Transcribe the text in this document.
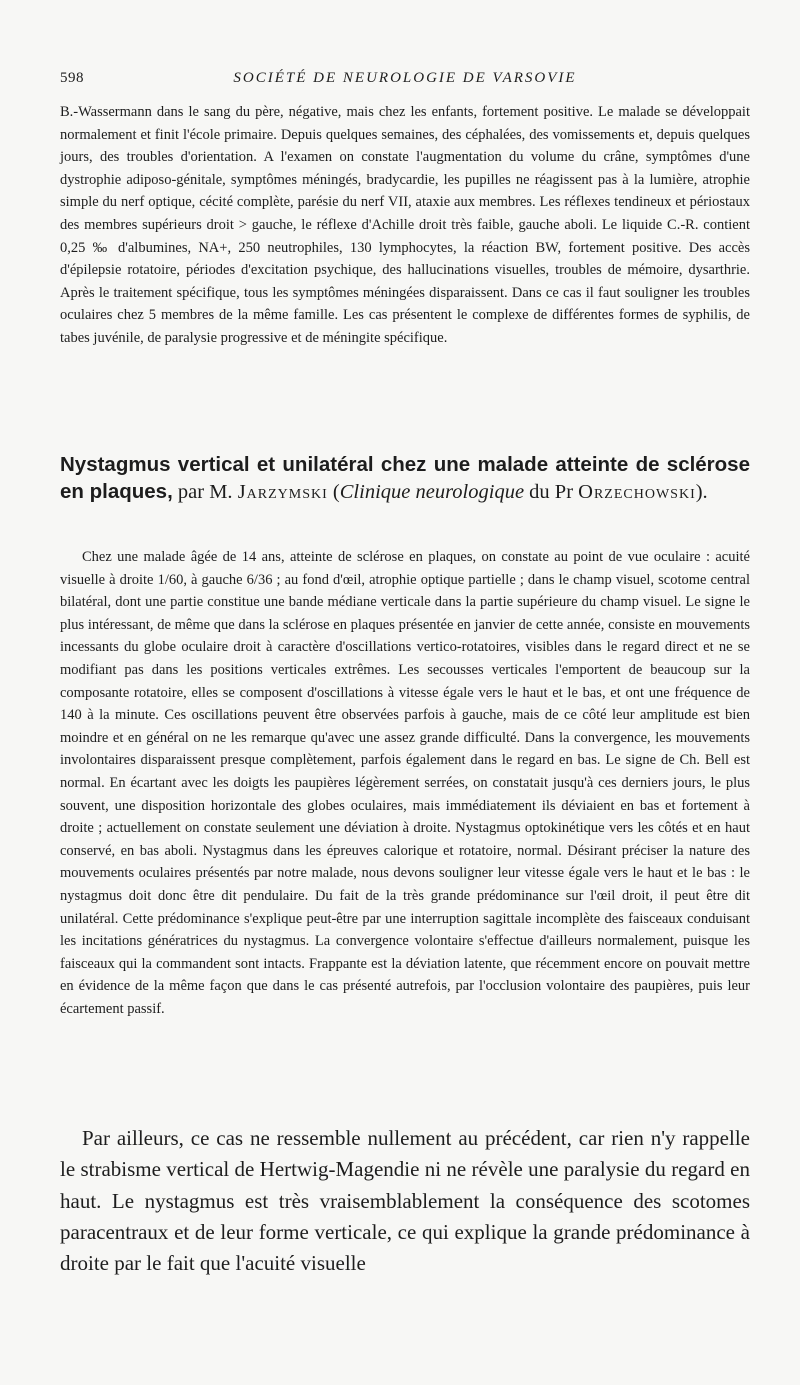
598	SOCIÉTÉ DE NEUROLOGIE DE VARSOVIE

B.-Wassermann dans le sang du père, négative, mais chez les enfants, fortement positive. Le malade se développait normalement et finit l'école primaire. Depuis quelques semaines, des céphalées, des vomissements et, depuis quelques jours, des troubles d'orientation. A l'examen on constate l'augmentation du volume du crâne, symptômes d'une dystrophie adiposo-génitale, symptômes méningés, bradycardie, les pupilles ne réagissent pas à la lumière, atrophie simple du nerf optique, cécité complète, parésie du nerf VII, ataxie aux membres. Les réflexes tendineux et périostaux des membres supérieurs droit > gauche, le réflexe d'Achille droit très faible, gauche aboli. Le liquide C.-R. contient 0,25 ‰ d'albumines, NA+, 250 neutrophiles, 130 lymphocytes, la réaction BW, fortement positive. Des accès d'épilepsie rotatoire, périodes d'excitation psychique, des hallucinations visuelles, troubles de mémoire, dysarthrie. Après le traitement spécifique, tous les symptômes méningées disparaissent. Dans ce cas il faut souligner les troubles oculaires chez 5 membres de la même famille. Les cas présentent le complexe de différentes formes de syphilis, de tabes juvénile, de paralysie progressive et de méningite spécifique.

Nystagmus vertical et unilatéral chez une malade atteinte de sclérose en plaques, par M. Jarzymski (Clinique neurologique du Pr Orzechowski).

Chez une malade âgée de 14 ans, atteinte de sclérose en plaques, on constate au point de vue oculaire : acuité visuelle à droite 1/60, à gauche 6/36 ; au fond d'œil, atrophie optique partielle ; dans le champ visuel, scotome central bilatéral, dont une partie constitue une bande médiane verticale dans la partie supérieure du champ visuel. Le signe le plus intéressant, de même que dans la sclérose en plaques présentée en janvier de cette année, consiste en mouvements incessants du globe oculaire droit à caractère d'oscillations vertico-rotatoires, visibles dans le regard direct et ne se modifiant pas dans les positions verticales extrêmes. Les secousses verticales l'emportent de beaucoup sur la composante rotatoire, elles se composent d'oscillations à vitesse égale vers le haut et le bas, et ont une fréquence de 140 à la minute. Ces oscillations peuvent être observées parfois à gauche, mais de ce côté leur amplitude est bien moindre et en général on ne les remarque qu'avec une assez grande difficulté. Dans la convergence, les mouvements involontaires disparaissent presque complètement, parfois également dans le regard en bas. Le signe de Ch. Bell est normal. En écartant avec les doigts les paupières légèrement serrées, on constatait jusqu'à ces derniers jours, le plus souvent, une disposition horizontale des globes oculaires, mais immédiatement ils déviaient en bas et fortement à droite ; actuellement on constate seulement une déviation à droite. Nystagmus optokinétique vers les côtés et en haut conservé, en bas aboli. Nystagmus dans les épreuves calorique et rotatoire, normal. Désirant préciser la nature des mouvements oculaires présentés par notre malade, nous devons souligner leur vitesse égale vers le haut et le bas : le nystagmus doit donc être dit pendulaire. Du fait de la très grande prédominance sur l'œil droit, il peut être dit unilatéral. Cette prédominance s'explique peut-être par une interruption sagittale incomplète des faisceaux conduisant les incitations génératrices du nystagmus. La convergence volontaire s'effectue d'ailleurs normalement, puisque les faisceaux qui la commandent sont intacts. Frappante est la déviation latente, que récemment encore on pouvait mettre en évidence de la même façon que dans le cas présenté autrefois, par l'occlusion volontaire des paupières, puis leur écartement passif.

Par ailleurs, ce cas ne ressemble nullement au précédent, car rien n'y rappelle le strabisme vertical de Hertwig-Magendie ni ne révèle une paralysie du regard en haut. Le nystagmus est très vraisemblablement la conséquence des scotomes paracentraux et de leur forme verticale, ce qui explique la grande prédominance à droite par le fait que l'acuité visuelle
